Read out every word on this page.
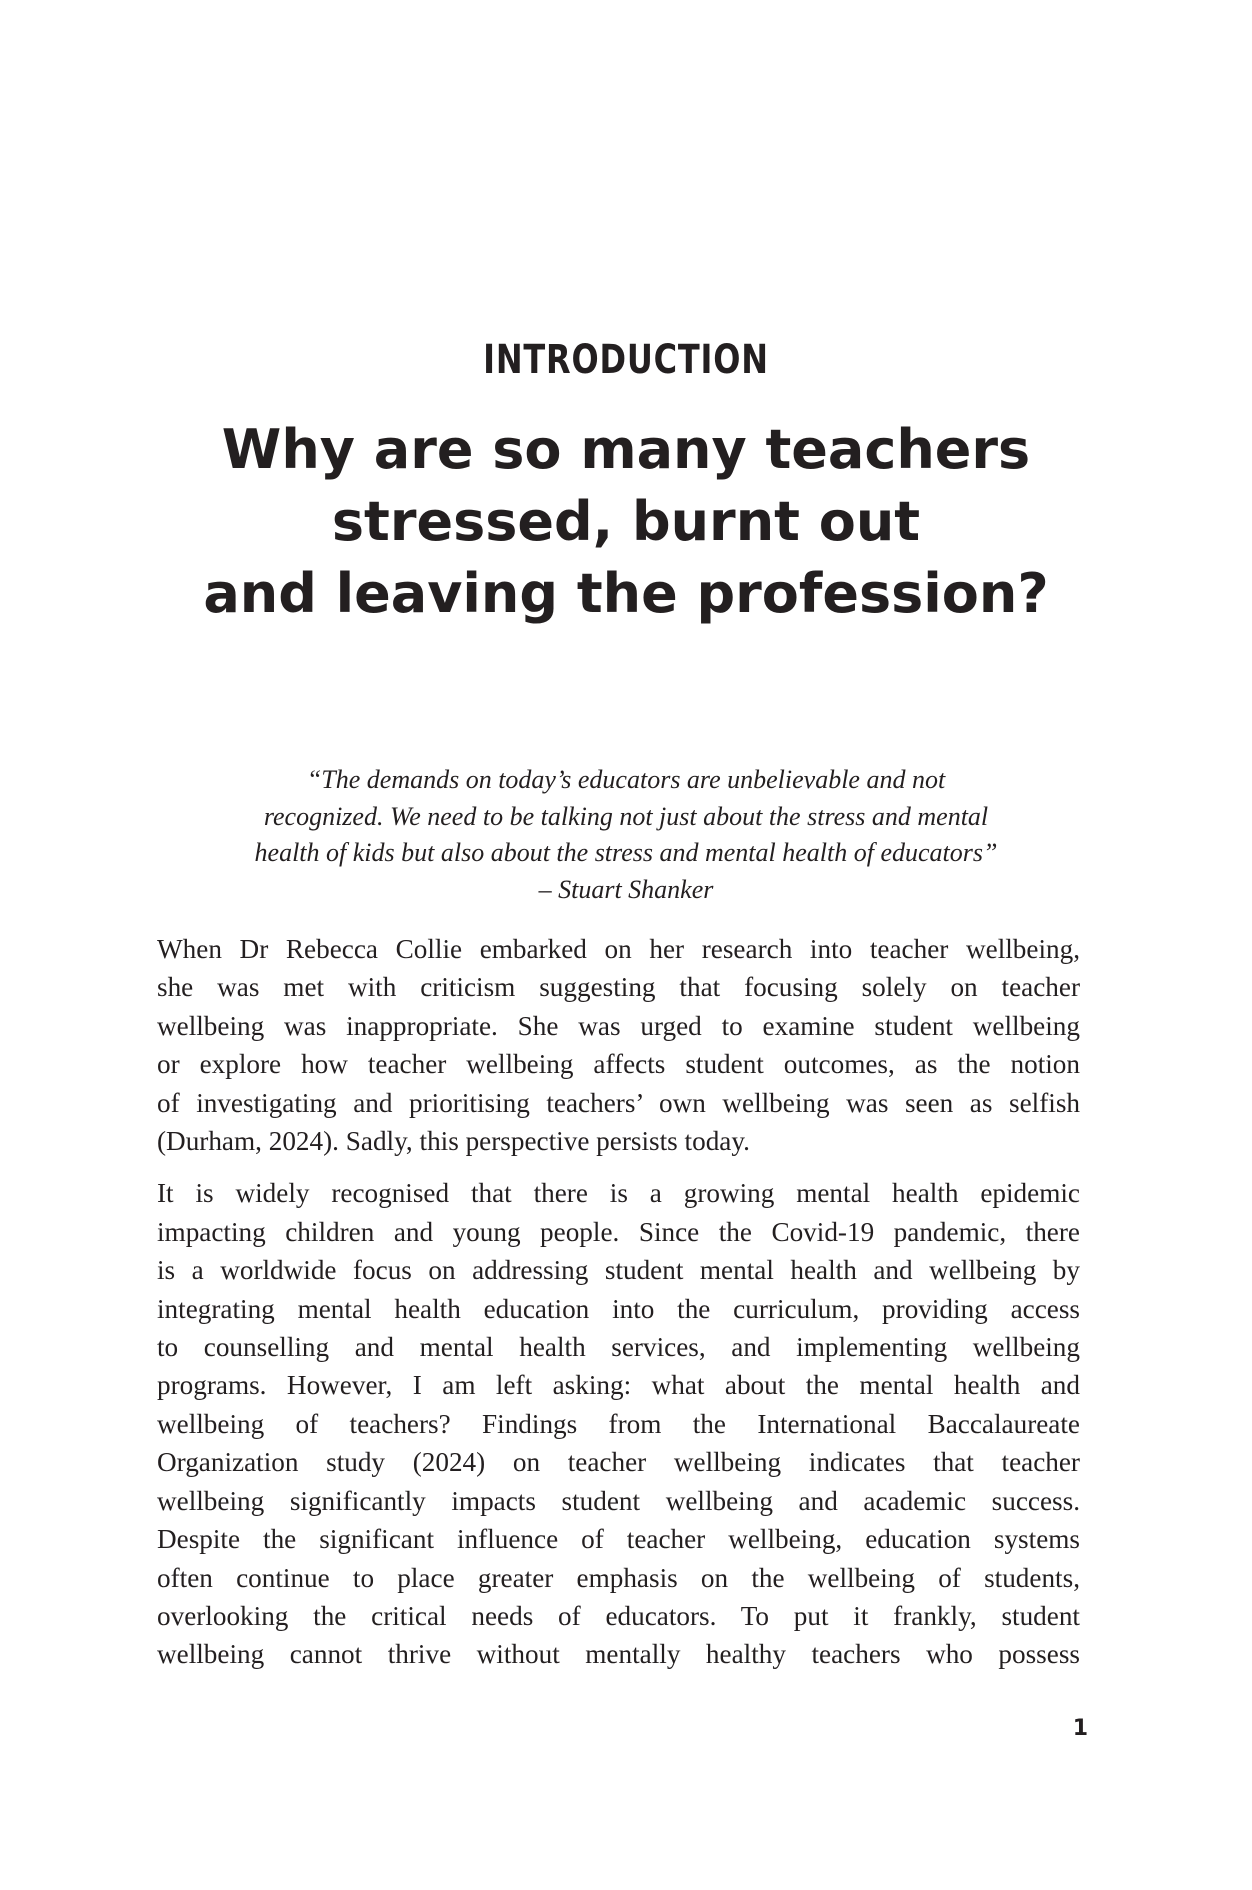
INTRODUCTION
Why are so many teachers
stressed, burnt out
and leaving the profession?
“The demands on today’s educators are unbelievable and not
recognized. We need to be talking not just about the stress and mental
health of kids but also about the stress and mental health of educators”
– Stuart Shanker

When Dr Rebecca Collie embarked on her research into teacher wellbeing,
she was met with criticism suggesting that focusing solely on teacher
wellbeing was inappropriate. She was urged to examine student wellbeing
or explore how teacher wellbeing affects student outcomes, as the notion
of investigating and prioritising teachers’ own wellbeing was seen as selfish
(Durham, 2024). Sadly, this perspective persists today.

It is widely recognised that there is a growing mental health epidemic
impacting children and young people. Since the Covid-19 pandemic, there
is a worldwide focus on addressing student mental health and wellbeing by
integrating mental health education into the curriculum, providing access
to counselling and mental health services, and implementing wellbeing
programs. However, I am left asking: what about the mental health and
wellbeing of teachers? Findings from the International Baccalaureate
Organization study (2024) on teacher wellbeing indicates that teacher
wellbeing significantly impacts student wellbeing and academic success.
Despite the significant influence of teacher wellbeing, education systems
often continue to place greater emphasis on the wellbeing of students,
overlooking the critical needs of educators. To put it frankly, student
wellbeing cannot thrive without mentally healthy teachers who possess

1
